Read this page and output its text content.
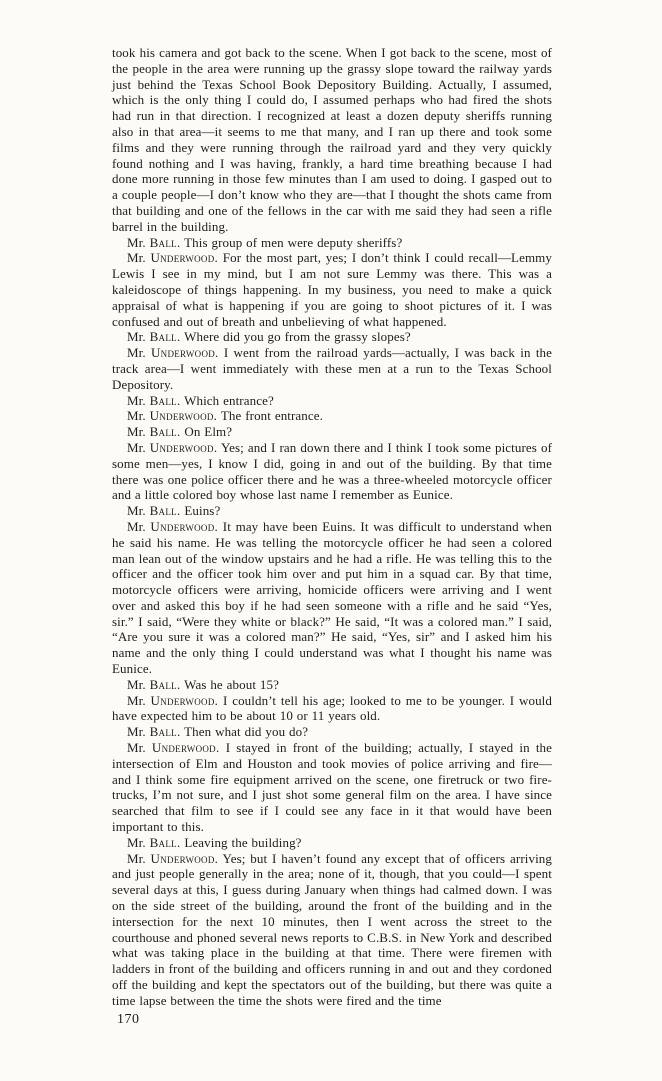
took his camera and got back to the scene. When I got back to the scene, most of the people in the area were running up the grassy slope toward the railway yards just behind the Texas School Book Depository Building. Actually, I assumed, which is the only thing I could do, I assumed perhaps who had fired the shots had run in that direction. I recognized at least a dozen deputy sheriffs running also in that area—it seems to me that many, and I ran up there and took some films and they were running through the railroad yard and they very quickly found nothing and I was having, frankly, a hard time breathing because I had done more running in those few minutes than I am used to doing. I gasped out to a couple people—I don’t know who they are—that I thought the shots came from that building and one of the fellows in the car with me said they had seen a rifle barrel in the building.

Mr. Ball. This group of men were deputy sheriffs?

Mr. Underwood. For the most part, yes; I don’t think I could recall—Lemmy Lewis I see in my mind, but I am not sure Lemmy was there. This was a kaleidoscope of things happening. In my business, you need to make a quick appraisal of what is happening if you are going to shoot pictures of it. I was confused and out of breath and unbelieving of what happened.

Mr. Ball. Where did you go from the grassy slopes?

Mr. Underwood. I went from the railroad yards—actually, I was back in the track area—I went immediately with these men at a run to the Texas School Depository.

Mr. Ball. Which entrance?

Mr. Underwood. The front entrance.

Mr. Ball. On Elm?

Mr. Underwood. Yes; and I ran down there and I think I took some pictures of some men—yes, I know I did, going in and out of the building. By that time there was one police officer there and he was a three-wheeled motorcycle officer and a little colored boy whose last name I remember as Eunice.

Mr. Ball. Euins?

Mr. Underwood. It may have been Euins. It was difficult to understand when he said his name. He was telling the motorcycle officer he had seen a colored man lean out of the window upstairs and he had a rifle. He was telling this to the officer and the officer took him over and put him in a squad car. By that time, motorcycle officers were arriving, homicide officers were arriving and I went over and asked this boy if he had seen someone with a rifle and he said “Yes, sir.” I said, “Were they white or black?” He said, “It was a colored man.” I said, “Are you sure it was a colored man?” He said, “Yes, sir” and I asked him his name and the only thing I could understand was what I thought his name was Eunice.

Mr. Ball. Was he about 15?

Mr. Underwood. I couldn’t tell his age; looked to me to be younger. I would have expected him to be about 10 or 11 years old.

Mr. Ball. Then what did you do?

Mr. Underwood. I stayed in front of the building; actually, I stayed in the intersection of Elm and Houston and took movies of police arriving and fire—and I think some fire equipment arrived on the scene, one firetruck or two fire-trucks, I’m not sure, and I just shot some general film on the area. I have since searched that film to see if I could see any face in it that would have been important to this.

Mr. Ball. Leaving the building?

Mr. Underwood. Yes; but I haven’t found any except that of officers arriving and just people generally in the area; none of it, though, that you could—I spent several days at this, I guess during January when things had calmed down. I was on the side street of the building, around the front of the building and in the intersection for the next 10 minutes, then I went across the street to the courthouse and phoned several news reports to C.B.S. in New York and described what was taking place in the building at that time. There were firemen with ladders in front of the building and officers running in and out and they cordoned off the building and kept the spectators out of the building, but there was quite a time lapse between the time the shots were fired and the time

170
